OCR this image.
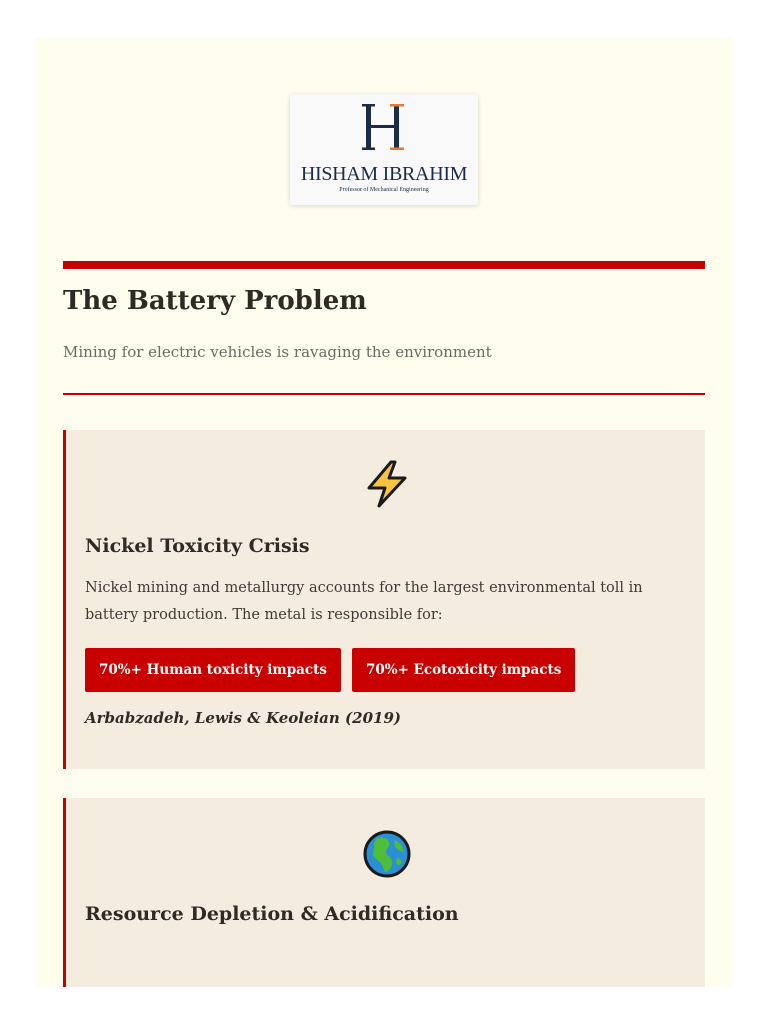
HISHAM IBRAHIM
Professor of Mechanical Engineering
The Battery Problem

Mining for electric vehicles is ravaging the environment

Nickel Toxicity Crisis

Nickel mining and metallurgy accounts for the largest environmental toll in battery production. The metal is responsible for:

70%+ Human toxicity impacts	70%+ Ecotoxicity impacts

Arbabzadeh, Lewis & Keoleian (2019)

Resource Depletion & Acidification
